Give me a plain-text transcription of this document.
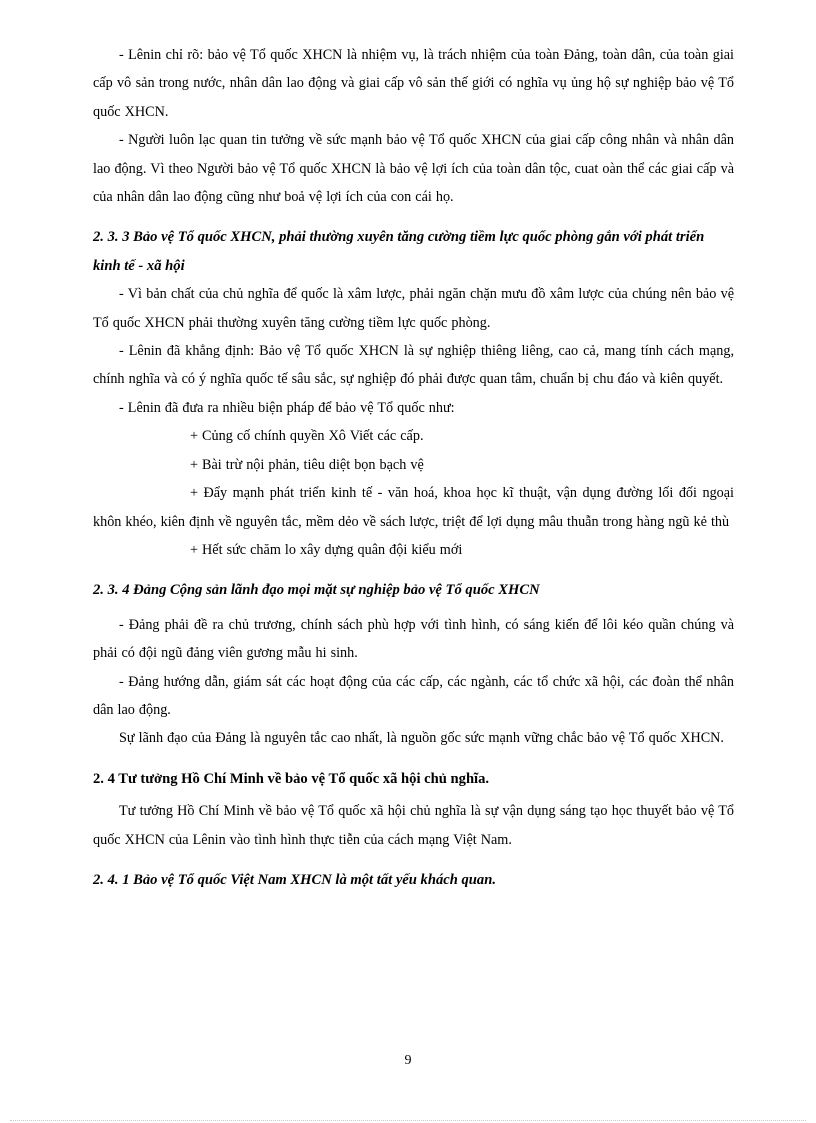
- Lênin chỉ rõ: bảo vệ Tổ quốc XHCN là nhiệm vụ, là trách nhiệm của toàn Đảng, toàn dân, của toàn giai cấp vô sản trong nước, nhân dân lao động và giai cấp vô sản thế giới có nghĩa vụ ủng hộ sự nghiệp bảo vệ Tổ quốc XHCN.

- Người luôn lạc quan tin tưởng về sức mạnh bảo vệ Tổ quốc XHCN của giai cấp công nhân và nhân dân lao động. Vì theo Người bảo vệ Tổ quốc XHCN là bảo vệ lợi ích của toàn dân tộc, cuat oàn thể các giai cấp và của nhân dân lao động cũng như boả vệ lợi ích của con cái họ.

2. 3. 3 Bảo vệ Tổ quốc XHCN, phải thường xuyên tăng cường tiềm lực quốc phòng gắn với phát triển kinh tế - xã hội

- Vì bản chất của chủ nghĩa để quốc là xâm lược, phải ngăn chặn mưu đồ xâm lược của chúng nên bảo vệ Tổ quốc XHCN phải thường xuyên tăng cường tiềm lực quốc phòng.

- Lênin đã khẳng định: Bảo vệ Tổ quốc XHCN là sự nghiệp thiêng liêng, cao cả, mang tính cách mạng, chính nghĩa và có ý nghĩa quốc tế sâu sắc, sự nghiệp đó phải được quan tâm, chuẩn bị chu đáo và kiên quyết.

- Lênin đã đưa ra nhiều biện pháp để bảo vệ Tổ quốc như:

+ Củng cố chính quyền Xô Viết các cấp.

+ Bài trừ nội phản, tiêu diệt bọn bạch vệ

+ Đẩy mạnh phát triển kinh tế - văn hoá, khoa học kĩ thuật, vận dụng đường lối đối ngoại khôn khéo, kiên định về nguyên tắc, mềm dẻo về sách lược, triệt để lợi dụng mâu thuẫn trong hàng ngũ kẻ thù

+ Hết sức chăm lo xây dựng quân đội kiểu mới

2. 3. 4 Đảng Cộng sản lãnh đạo mọi mặt sự nghiệp bảo vệ Tổ quốc XHCN

- Đảng phải đề ra chủ trương, chính sách phù hợp với tình hình, có sáng kiến để lôi kéo quần chúng và phải có đội ngũ đảng viên gương mẫu hi sinh.

- Đảng hướng dẫn, giám sát các hoạt động của các cấp, các ngành, các tổ chức xã hội, các đoàn thể nhân dân lao động.

Sự lãnh đạo của Đảng là nguyên tắc cao nhất, là nguồn gốc sức mạnh vững chắc bảo vệ Tổ quốc XHCN.

2. 4 Tư tưởng Hồ Chí Minh về bảo vệ Tổ quốc xã hội chủ nghĩa.

Tư tưởng Hồ Chí Minh về bảo vệ Tổ quốc xã hội chủ nghĩa là sự vận dụng sáng tạo học thuyết bảo vệ Tổ quốc XHCN của Lênin vào tình hình thực tiễn của cách mạng Việt Nam.

2. 4. 1 Bảo vệ Tổ quốc Việt Nam XHCN là một tất yếu khách quan.
9
